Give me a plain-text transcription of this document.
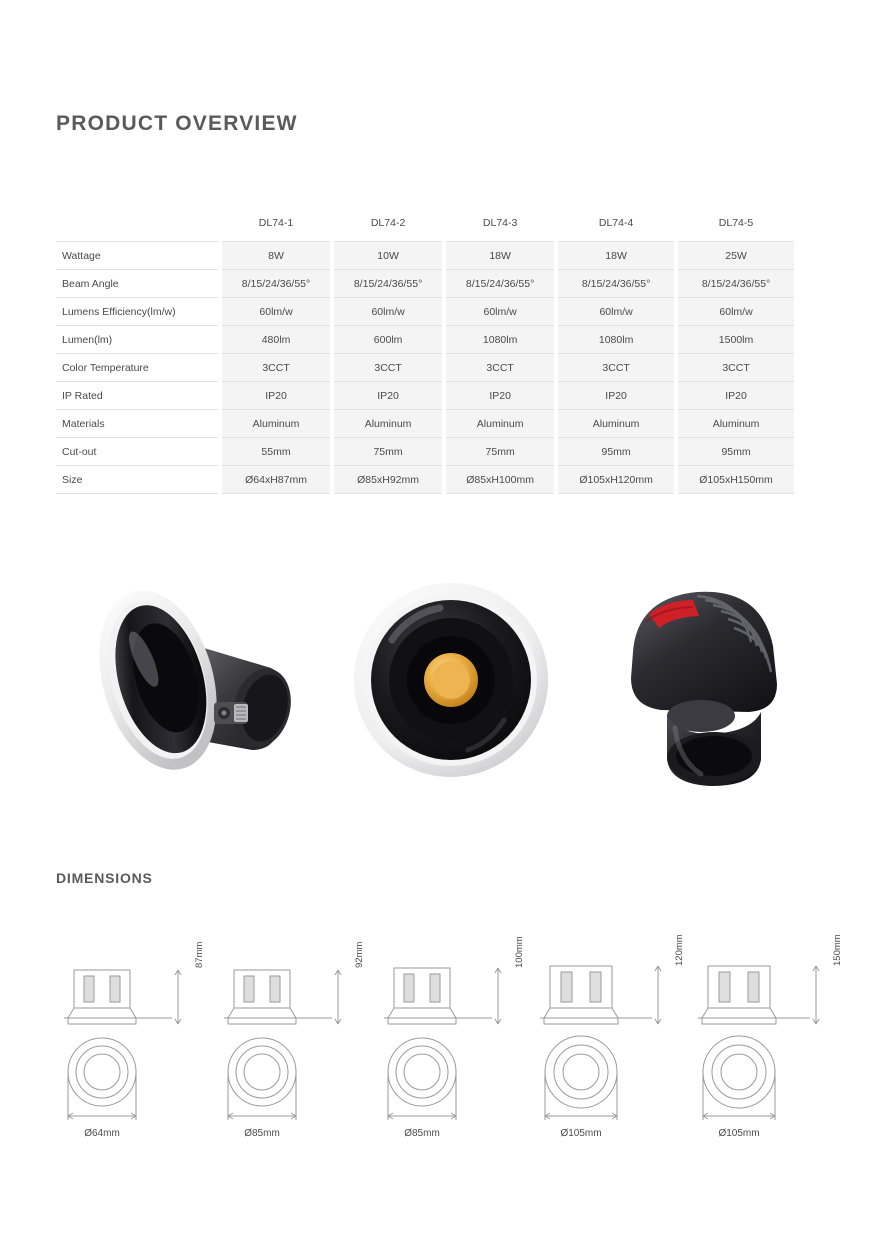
PRODUCT OVERVIEW
DIMENSIONS
	DL74-1	DL74-2	DL74-3	DL74-4	DL74-5
Wattage	8W	10W	18W	18W	25W
Beam Angle	8/15/24/36/55°	8/15/24/36/55°	8/15/24/36/55°	8/15/24/36/55°	8/15/24/36/55°
Lumens Efficiency(lm/w)	60lm/w	60lm/w	60lm/w	60lm/w	60lm/w
Lumen(lm)	480lm	600lm	1080lm	1080lm	1500lm
Color Temperature	3CCT	3CCT	3CCT	3CCT	3CCT
IP Rated	IP20	IP20	IP20	IP20	IP20
Materials	Aluminum	Aluminum	Aluminum	Aluminum	Aluminum
Cut-out	55mm	75mm	75mm	95mm	95mm
Size	Ø64xH87mm	Ø85xH92mm	Ø85xH100mm	Ø105xH120mm	Ø105xH150mm
Ø64mm
87mm
Ø85mm
92mm
Ø85mm
100mm
Ø105mm
120mm
Ø105mm
150mm
